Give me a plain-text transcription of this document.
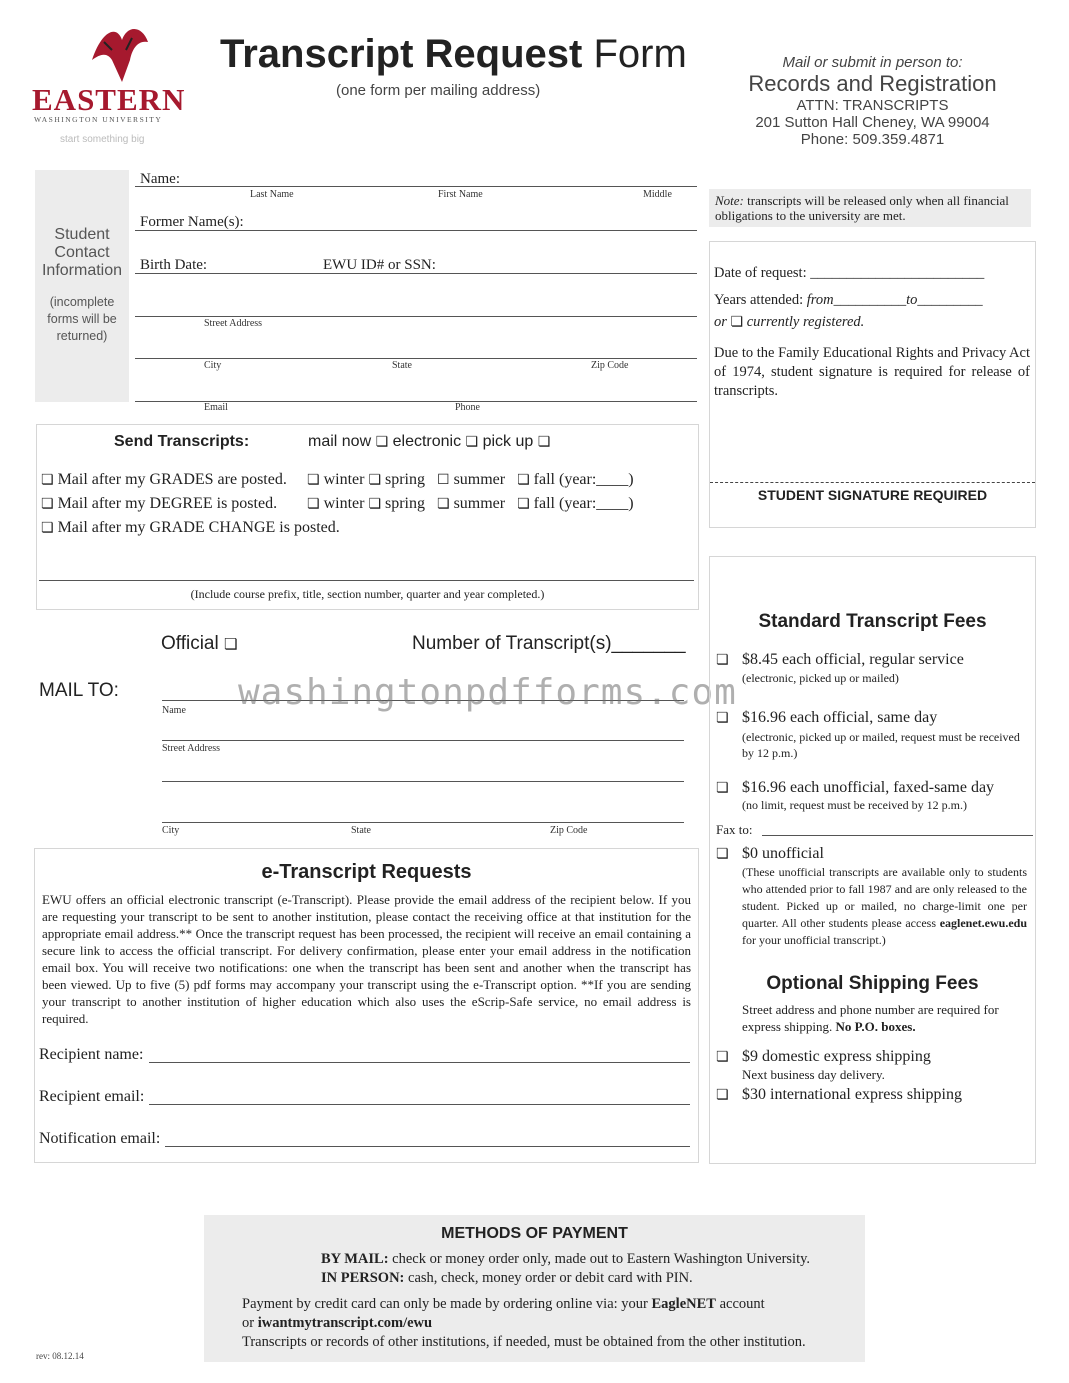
EASTERN
WASHINGTON UNIVERSITY
start something big
Transcript Request Form
(one form per mailing address)
Mail or submit in person to:
Records and Registration
ATTN: TRANSCRIPTS
201 Sutton Hall Cheney, WA 99004
Phone: 509.359.4871
Student Contact Information
(incomplete forms will be returned)
Name:
Last Name	First Name	Middle
Former Name(s):
Birth Date:	EWU ID# or SSN:
Street Address
City	State	Zip Code
Email	Phone
Note: transcripts will be released only when all financial obligations to the university are met.
Date of request: ________________________
Years attended: from__________to_________
or ❏ currently registered.
Due to the Family Educational Rights and Privacy Act of 1974, student signature is required for release of transcripts.
STUDENT SIGNATURE REQUIRED
Send Transcripts:	mail now ❏ electronic ❏ pick up ❏
❏ Mail after my GRADES are posted. ❏ winter ❏ spring ☐ summer ❏ fall (year:____)
❏ Mail after my DEGREE is posted. ❏ winter ❏ spring ❏ summer ❏ fall (year:____)
❏ Mail after my GRADE CHANGE is posted.
(Include course prefix, title, section number, quarter and year completed.)
Official ❏	Number of Transcript(s)_______
MAIL TO:
Name
Street Address
City	State	Zip Code
washingtonpdfforms.com
e-Transcript Requests
EWU offers an official electronic transcript (e-Transcript). Please provide the email address of the recipient below. If you are requesting your transcript to be sent to another institution, please contact the receiving office at that institution for the appropriate email address.** Once the transcript request has been processed, the recipient will receive an email containing a secure link to access the official transcript. For delivery confirmation, please enter your email address in the notification email box. You will receive two notifications: one when the transcript has been sent and another when the transcript has been viewed. Up to five (5) pdf forms may accompany your transcript using the e-Transcript option. **If you are sending your transcript to another institution of higher education which also uses the eScrip-Safe service, no email address is required.
Recipient name:
Recipient email:
Notification email:
Standard Transcript Fees
❏ $8.45 each official, regular service
(electronic, picked up or mailed)
❏ $16.96 each official, same day
(electronic, picked up or mailed, request must be received by 12 p.m.)
❏ $16.96 each unofficial, faxed-same day
(no limit, request must be received by 12 p.m.)
Fax to:
❏ $0 unofficial
(These unofficial transcripts are available only to students who attended prior to fall 1987 and are only released to the student. Picked up or mailed, no charge-limit one per quarter. All other students please access eaglenet.ewu.edu for your unofficial transcript.)
Optional Shipping Fees
Street address and phone number are required for express shipping. No P.O. boxes.
❏ $9 domestic express shipping
Next business day delivery.
❏ $30 international express shipping
METHODS OF PAYMENT
BY MAIL: check or money order only, made out to Eastern Washington University.
IN PERSON: cash, check, money order or debit card with PIN.
Payment by credit card can only be made by ordering online via: your EagleNET account
or iwantmytranscript.com/ewu
Transcripts or records of other institutions, if needed, must be obtained from the other institution.
rev: 08.12.14
